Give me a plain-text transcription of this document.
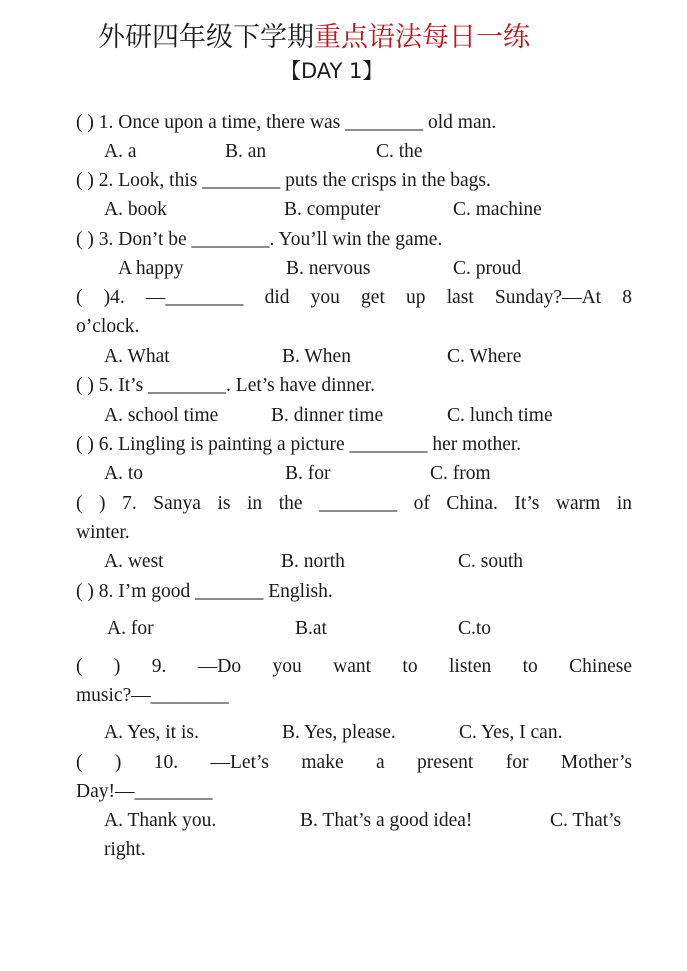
外研四年级下学期重点语法每日一练
【DAY 1】
( ) 1. Once upon a time, there was ________ old man.
A. a	B. an	C. the
( ) 2. Look, this ________ puts the crisps in the bags.
A. book	B. computer	C. machine
( ) 3. Don’t be ________. You’ll win the game.
A happy	B. nervous	C. proud
( )4. —________ did you get up last Sunday?—At 8
o’clock.
A. What	B. When	C. Where
( ) 5. It’s ________. Let’s have dinner.
A. school time	B. dinner time	C. lunch time
( ) 6. Lingling is painting a picture ________ her mother.
A. to	B. for	C. from
( ) 7. Sanya is in the ________ of China. It’s warm in
winter.
A. west	B. north	C. south
( ) 8. I’m good _______ English.
A. for	B.at	C.to
( ) 9. —Do you want to listen to Chinese
music?—________
A. Yes, it is.	B. Yes, please.	C. Yes, I can.
( ) 10. —Let’s make a present for Mother’s
Day!—________
A. Thank you.	B. That’s a good idea!	C. That’s
right.
